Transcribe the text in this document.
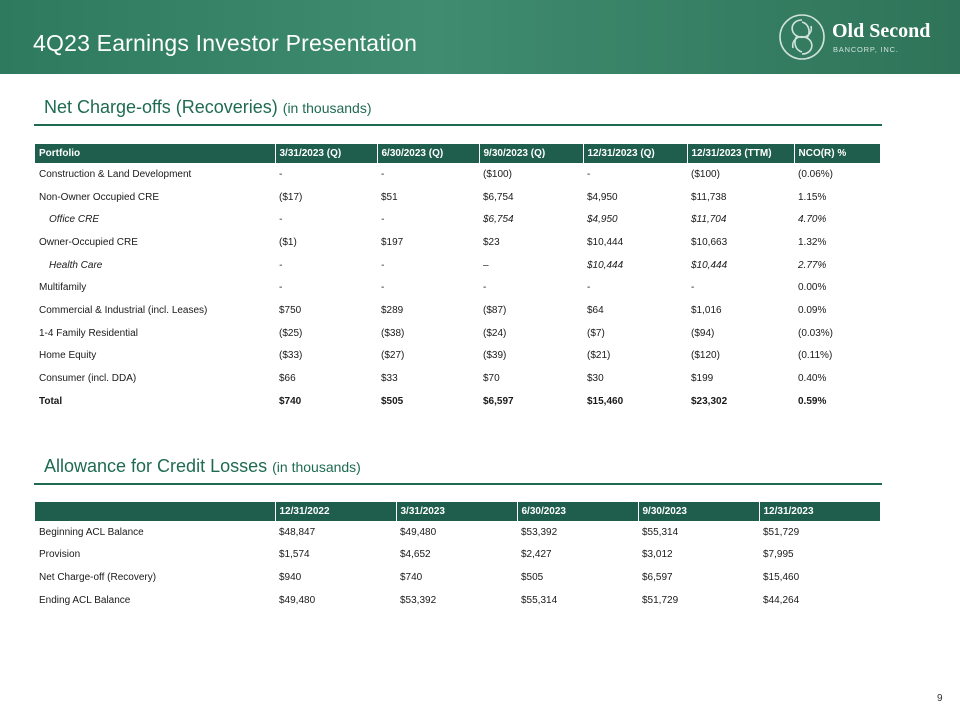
4Q23 Earnings Investor Presentation	Old Second
BANCORP, INC.
Net Charge-offs (Recoveries) (in thousands)
Portfolio	3/31/2023 (Q)	6/30/2023 (Q)	9/30/2023 (Q)	12/31/2023 (Q)	12/31/2023 (TTM)	NCO(R) %
Construction & Land Development	-	-	($100)	-	($100)	(0.06%)
Non-Owner Occupied CRE	($17)	$51	$6,754	$4,950	$11,738	1.15%
Office CRE	-	-	$6,754	$4,950	$11,704	4.70%
Owner-Occupied CRE	($1)	$197	$23	$10,444	$10,663	1.32%
Health Care	-	-	–	$10,444	$10,444	2.77%
Multifamily	-	-	-	-	-	0.00%
Commercial & Industrial (incl. Leases)	$750	$289	($87)	$64	$1,016	0.09%
1-4 Family Residential	($25)	($38)	($24)	($7)	($94)	(0.03%)
Home Equity	($33)	($27)	($39)	($21)	($120)	(0.11%)
Consumer (incl. DDA)	$66	$33	$70	$30	$199	0.40%
Total	$740	$505	$6,597	$15,460	$23,302	0.59%
Allowance for Credit Losses (in thousands)
	12/31/2022	3/31/2023	6/30/2023	9/30/2023	12/31/2023
Beginning ACL Balance	$48,847	$49,480	$53,392	$55,314	$51,729
Provision	$1,574	$4,652	$2,427	$3,012	$7,995
Net Charge-off (Recovery)	$940	$740	$505	$6,597	$15,460
Ending ACL Balance	$49,480	$53,392	$55,314	$51,729	$44,264
9
